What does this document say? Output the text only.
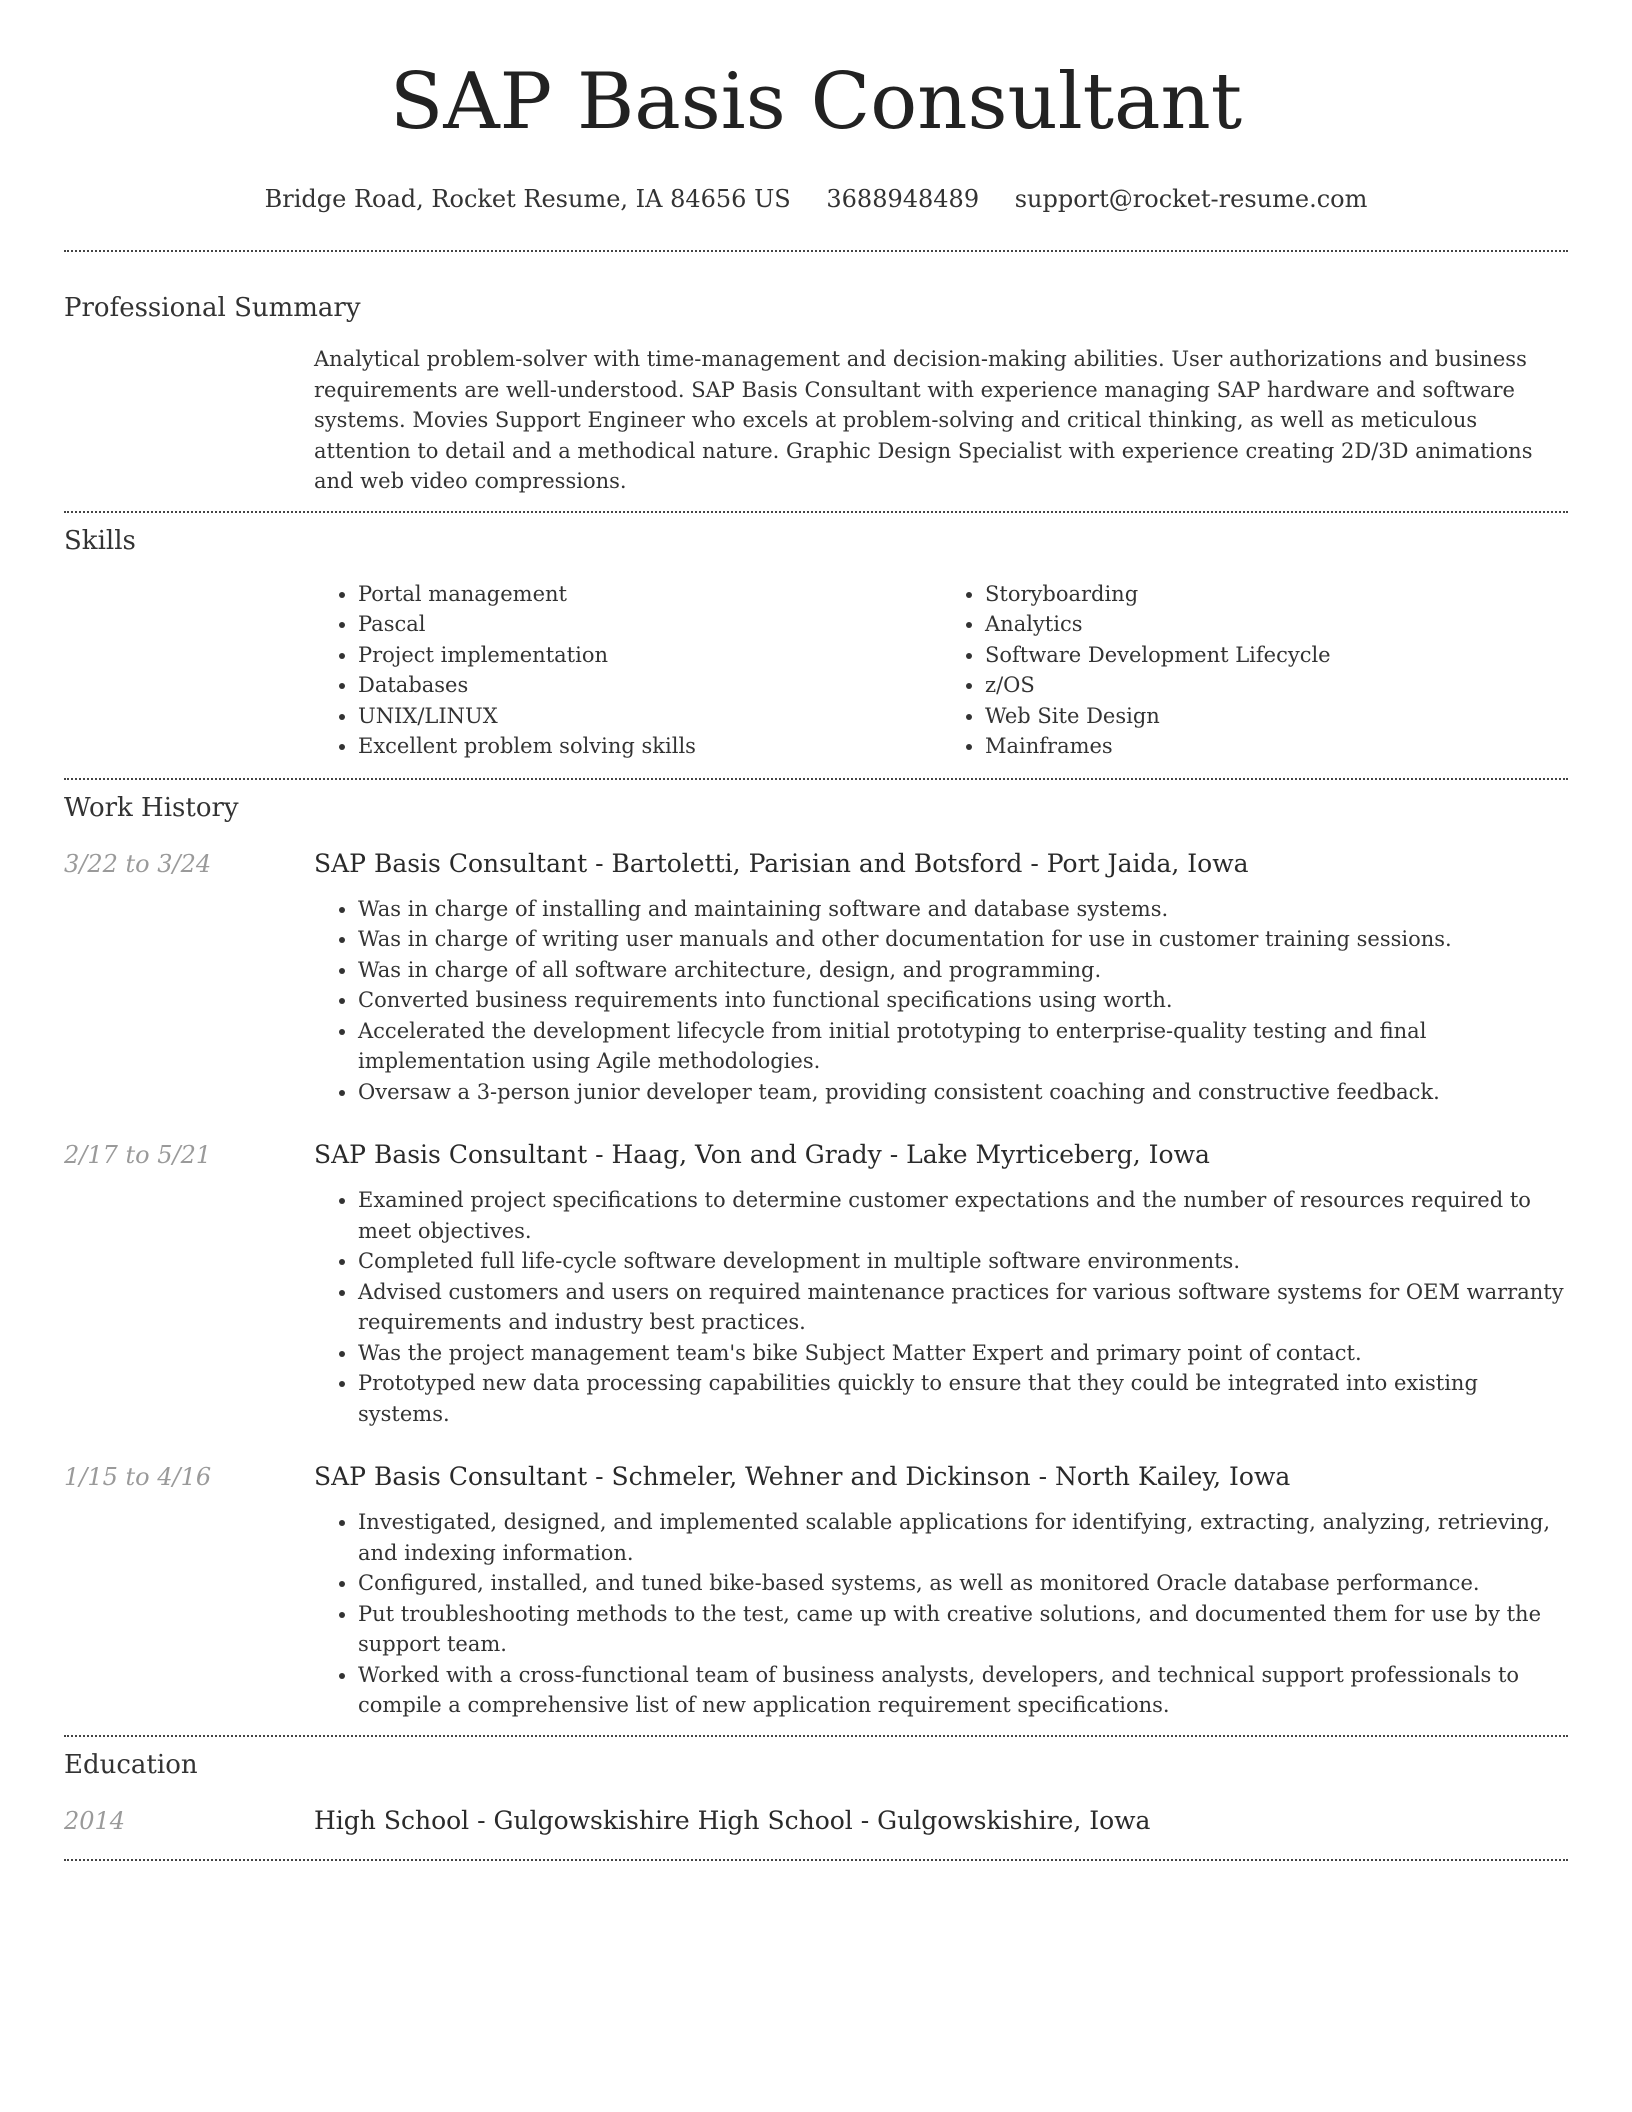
SAP Basis Consultant
Bridge Road, Rocket Resume, IA 84656 US 3688948489 support@rocket-resume.com
Professional Summary
Analytical problem-solver with time-management and decision-making abilities. User authorizations and business requirements are well-understood. SAP Basis Consultant with experience managing SAP hardware and software systems. Movies Support Engineer who excels at problem-solving and critical thinking, as well as meticulous attention to detail and a methodical nature. Graphic Design Specialist with experience creating 2D/3D animations and web video compressions.
Skills
• Portal management
• Pascal
• Project implementation
• Databases
• UNIX/LINUX
• Excellent problem solving skills
• Storyboarding
• Analytics
• Software Development Lifecycle
• z/OS
• Web Site Design
• Mainframes
Work History
3/22 to 3/24	SAP Basis Consultant - Bartoletti, Parisian and Botsford - Port Jaida, Iowa
• Was in charge of installing and maintaining software and database systems.
• Was in charge of writing user manuals and other documentation for use in customer training sessions.
• Was in charge of all software architecture, design, and programming.
• Converted business requirements into functional specifications using worth.
• Accelerated the development lifecycle from initial prototyping to enterprise-quality testing and final implementation using Agile methodologies.
• Oversaw a 3-person junior developer team, providing consistent coaching and constructive feedback.
2/17 to 5/21	SAP Basis Consultant - Haag, Von and Grady - Lake Myrticeberg, Iowa
• Examined project specifications to determine customer expectations and the number of resources required to meet objectives.
• Completed full life-cycle software development in multiple software environments.
• Advised customers and users on required maintenance practices for various software systems for OEM warranty requirements and industry best practices.
• Was the project management team's bike Subject Matter Expert and primary point of contact.
• Prototyped new data processing capabilities quickly to ensure that they could be integrated into existing systems.
1/15 to 4/16	SAP Basis Consultant - Schmeler, Wehner and Dickinson - North Kailey, Iowa
• Investigated, designed, and implemented scalable applications for identifying, extracting, analyzing, retrieving, and indexing information.
• Configured, installed, and tuned bike-based systems, as well as monitored Oracle database performance.
• Put troubleshooting methods to the test, came up with creative solutions, and documented them for use by the support team.
• Worked with a cross-functional team of business analysts, developers, and technical support professionals to compile a comprehensive list of new application requirement specifications.
Education
2014	High School - Gulgowskishire High School - Gulgowskishire, Iowa
